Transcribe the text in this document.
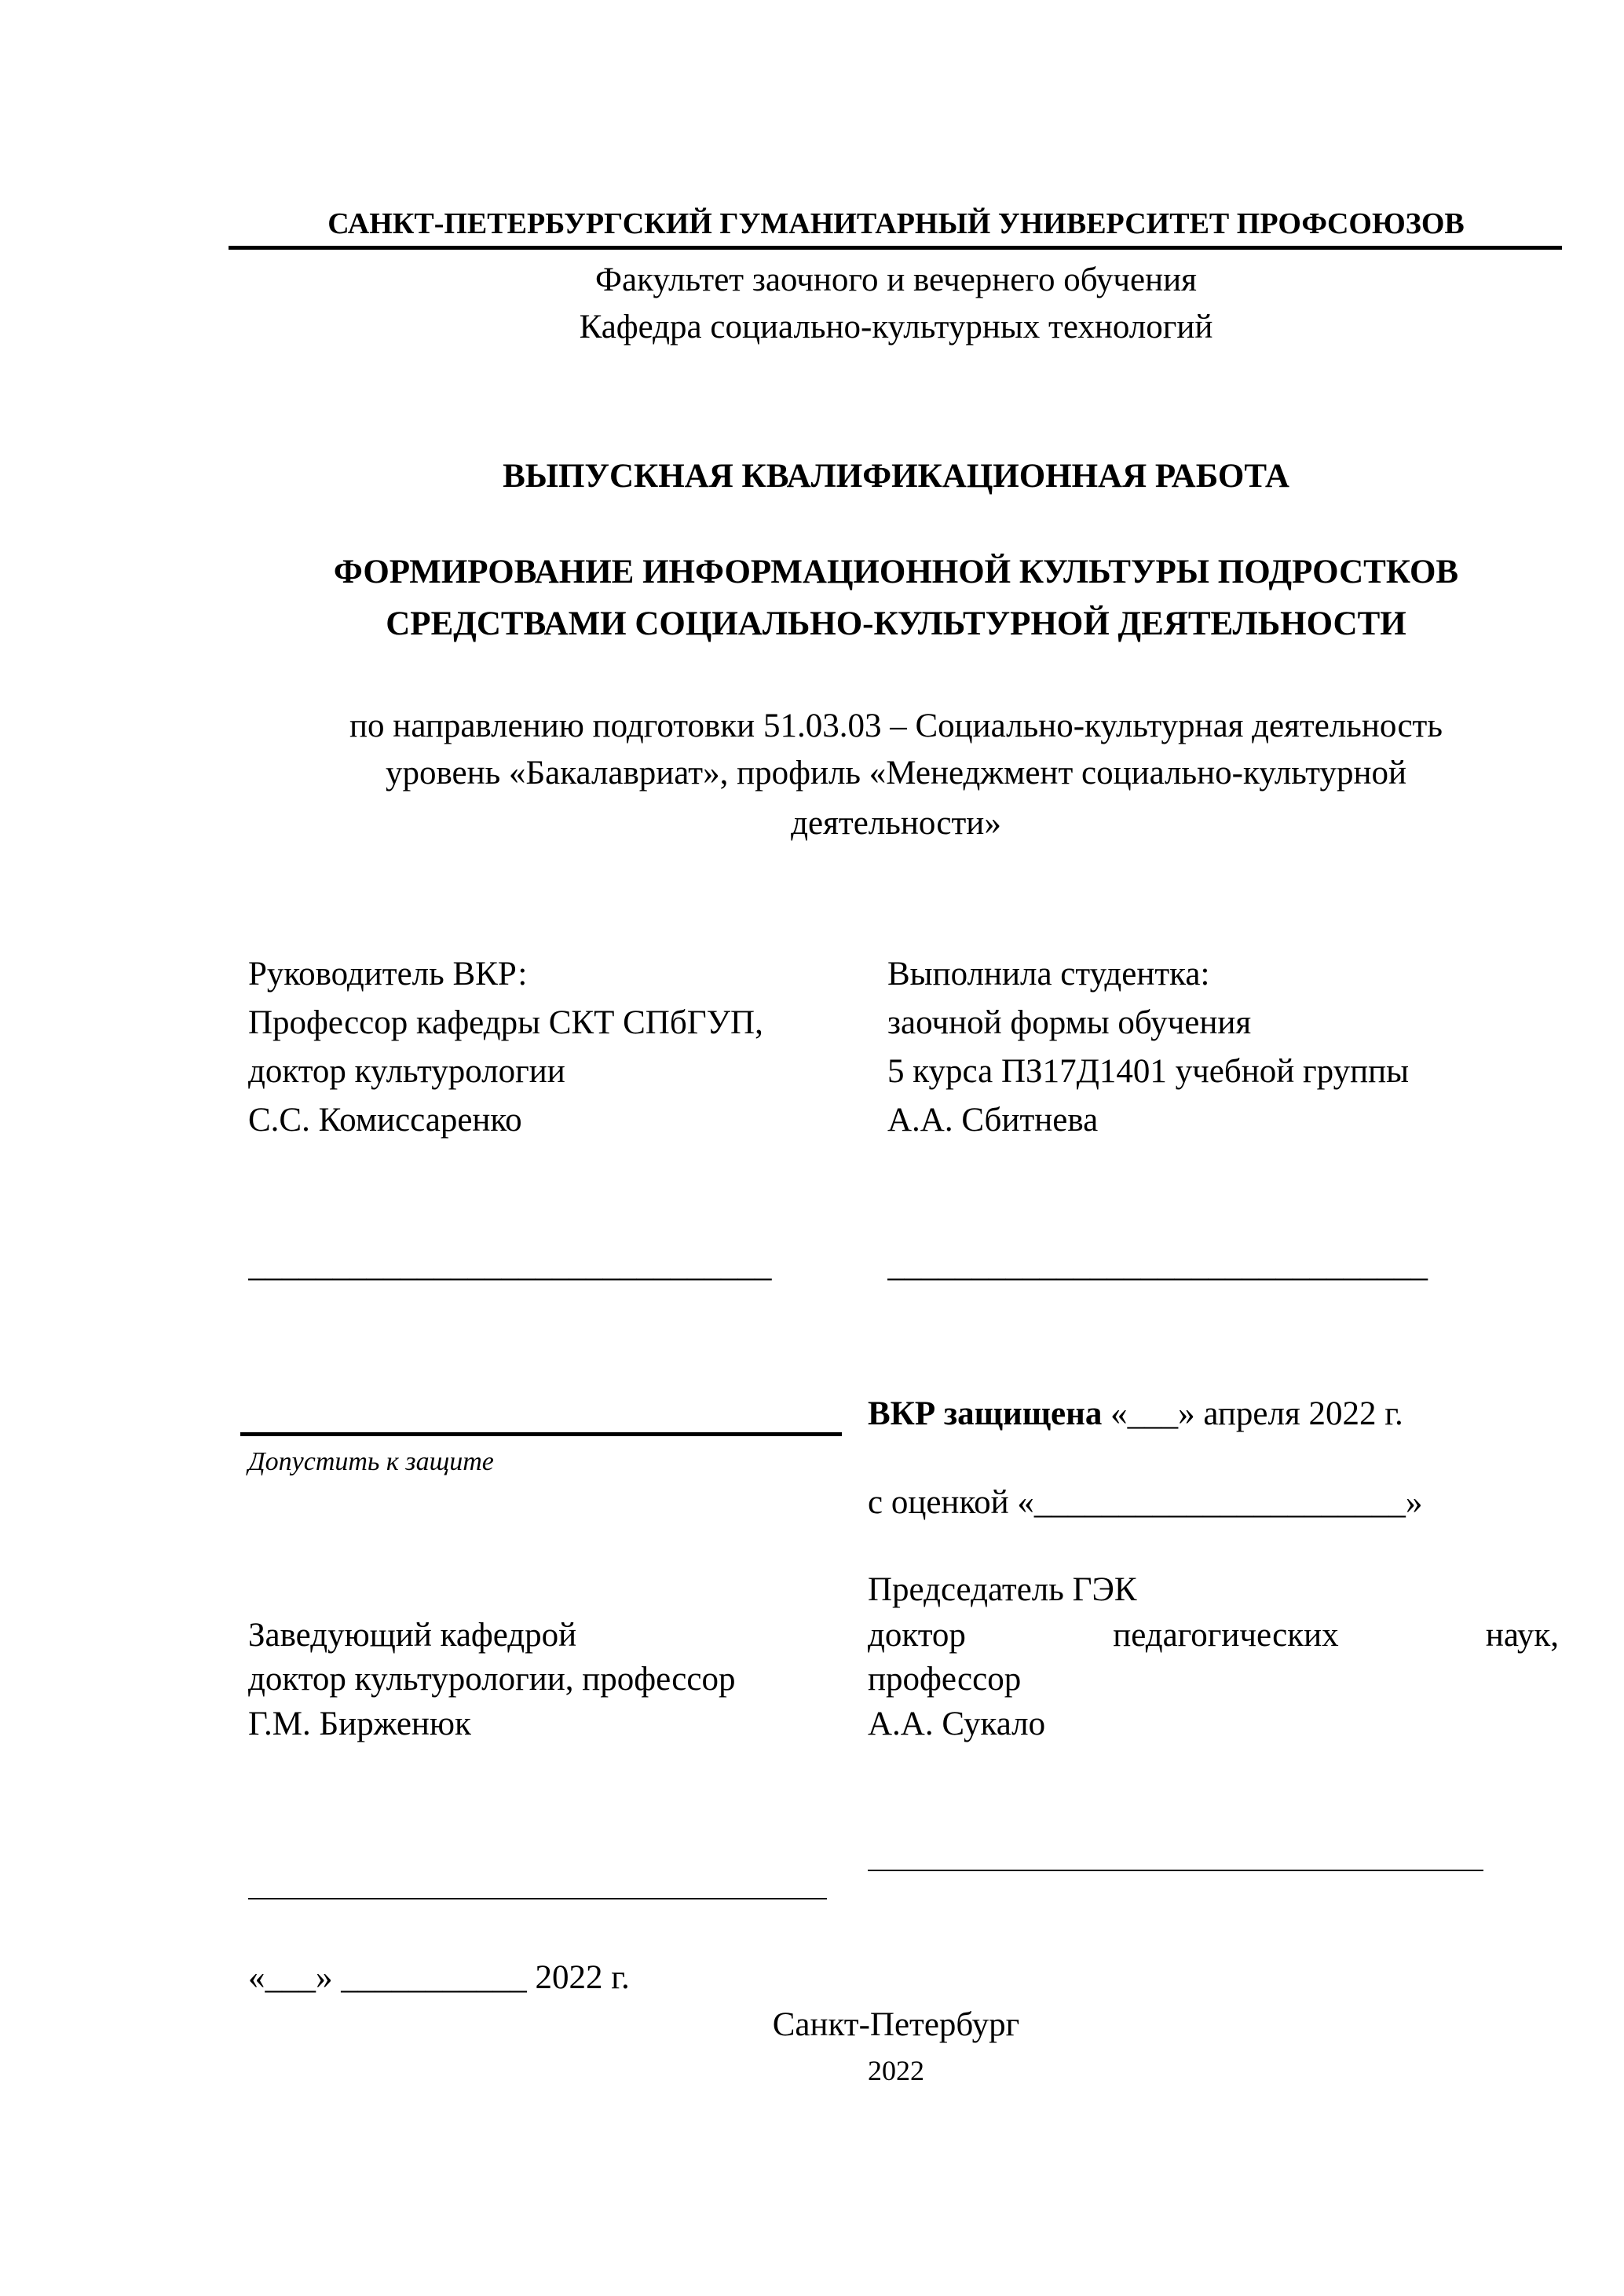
САНКТ-ПЕТЕРБУРГСКИЙ ГУМАНИТАРНЫЙ УНИВЕРСИТЕТ ПРОФСОЮЗОВ
Факультет заочного и вечернего обучения
Кафедра социально-культурных технологий
ВЫПУСКНАЯ КВАЛИФИКАЦИОННАЯ РАБОТА
ФОРМИРОВАНИЕ ИНФОРМАЦИОННОЙ КУЛЬТУРЫ ПОДРОСТКОВ
СРЕДСТВАМИ СОЦИАЛЬНО-КУЛЬТУРНОЙ ДЕЯТЕЛЬНОСТИ
по направлению подготовки 51.03.03 – Социально-культурная деятельность
уровень «Бакалавриат», профиль «Менеджмент социально-культурной
деятельности»
Руководитель ВКР:
Профессор кафедры СКТ СПбГУП,
доктор культурологии
С.С. Комиссаренко
Выполнила студентка:
заочной формы обучения
5 курса ПЗ17Д1401 учебной группы
А.А. Сбитнева
_______________________________	________________________________
Допустить к защите
ВКР защищена «___» апреля 2022 г.
с оценкой «______________________»
Председатель ГЭК
доктор	педагогических	наук,
профессор
А.А. Сукало
Заведующий кафедрой
доктор культурологии, профессор
Г.М. Бирженюк
«___» ___________ 2022 г.
Санкт-Петербург
2022
